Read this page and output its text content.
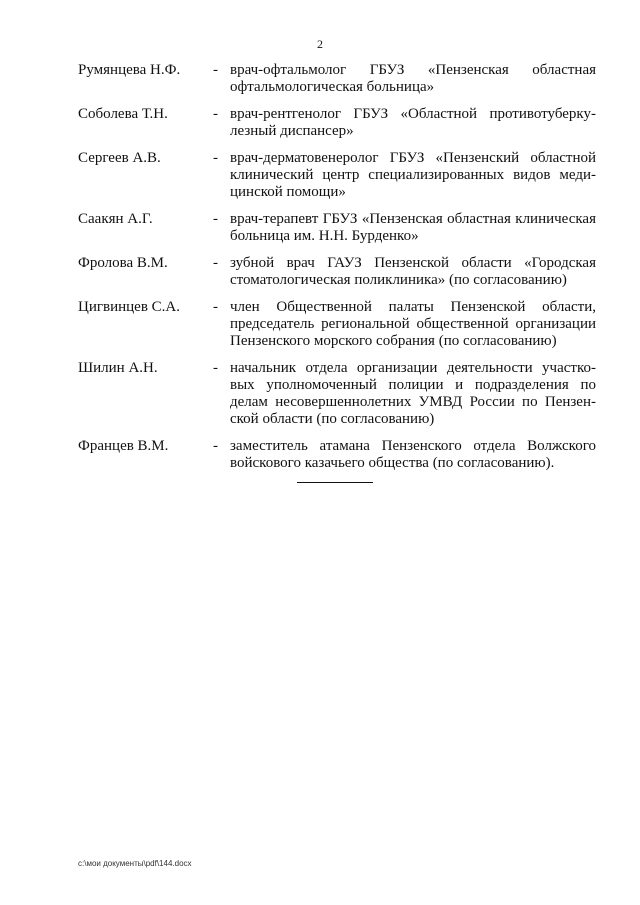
2
Румянцева Н.Ф. - врач-офтальмолог ГБУЗ «Пензенская областная офтальмологическая больница»
Соболева Т.Н.	- врач-рентгенолог ГБУЗ «Областной противотуберку-лезный диспансер»
Сергеев А.В.	- врач-дерматовенеролог ГБУЗ «Пензенский областной клинический центр специализированных видов меди-цинской помощи»
Саакян А.Г.	- врач-терапевт ГБУЗ «Пензенская областная клиническая больница им. Н.Н. Бурденко»
Фролова В.М.	- зубной врач ГАУЗ Пензенской области «Городская стоматологическая поликлиника» (по согласованию)
Цигвинцев С.А. - член Общественной палаты Пензенской области, председатель региональной общественной организации Пензенского морского собрания (по согласованию)
Шилин А.Н.	- начальник отдела организации деятельности участко-вых уполномоченный полиции и подразделения по делам несовершеннолетних УМВД России по Пензен-ской области (по согласованию)
Францев В.М.	- заместитель атамана Пензенского отдела Волжского войскового казачьего общества (по согласованию).
c:\мои документы\pdf\144.docx
